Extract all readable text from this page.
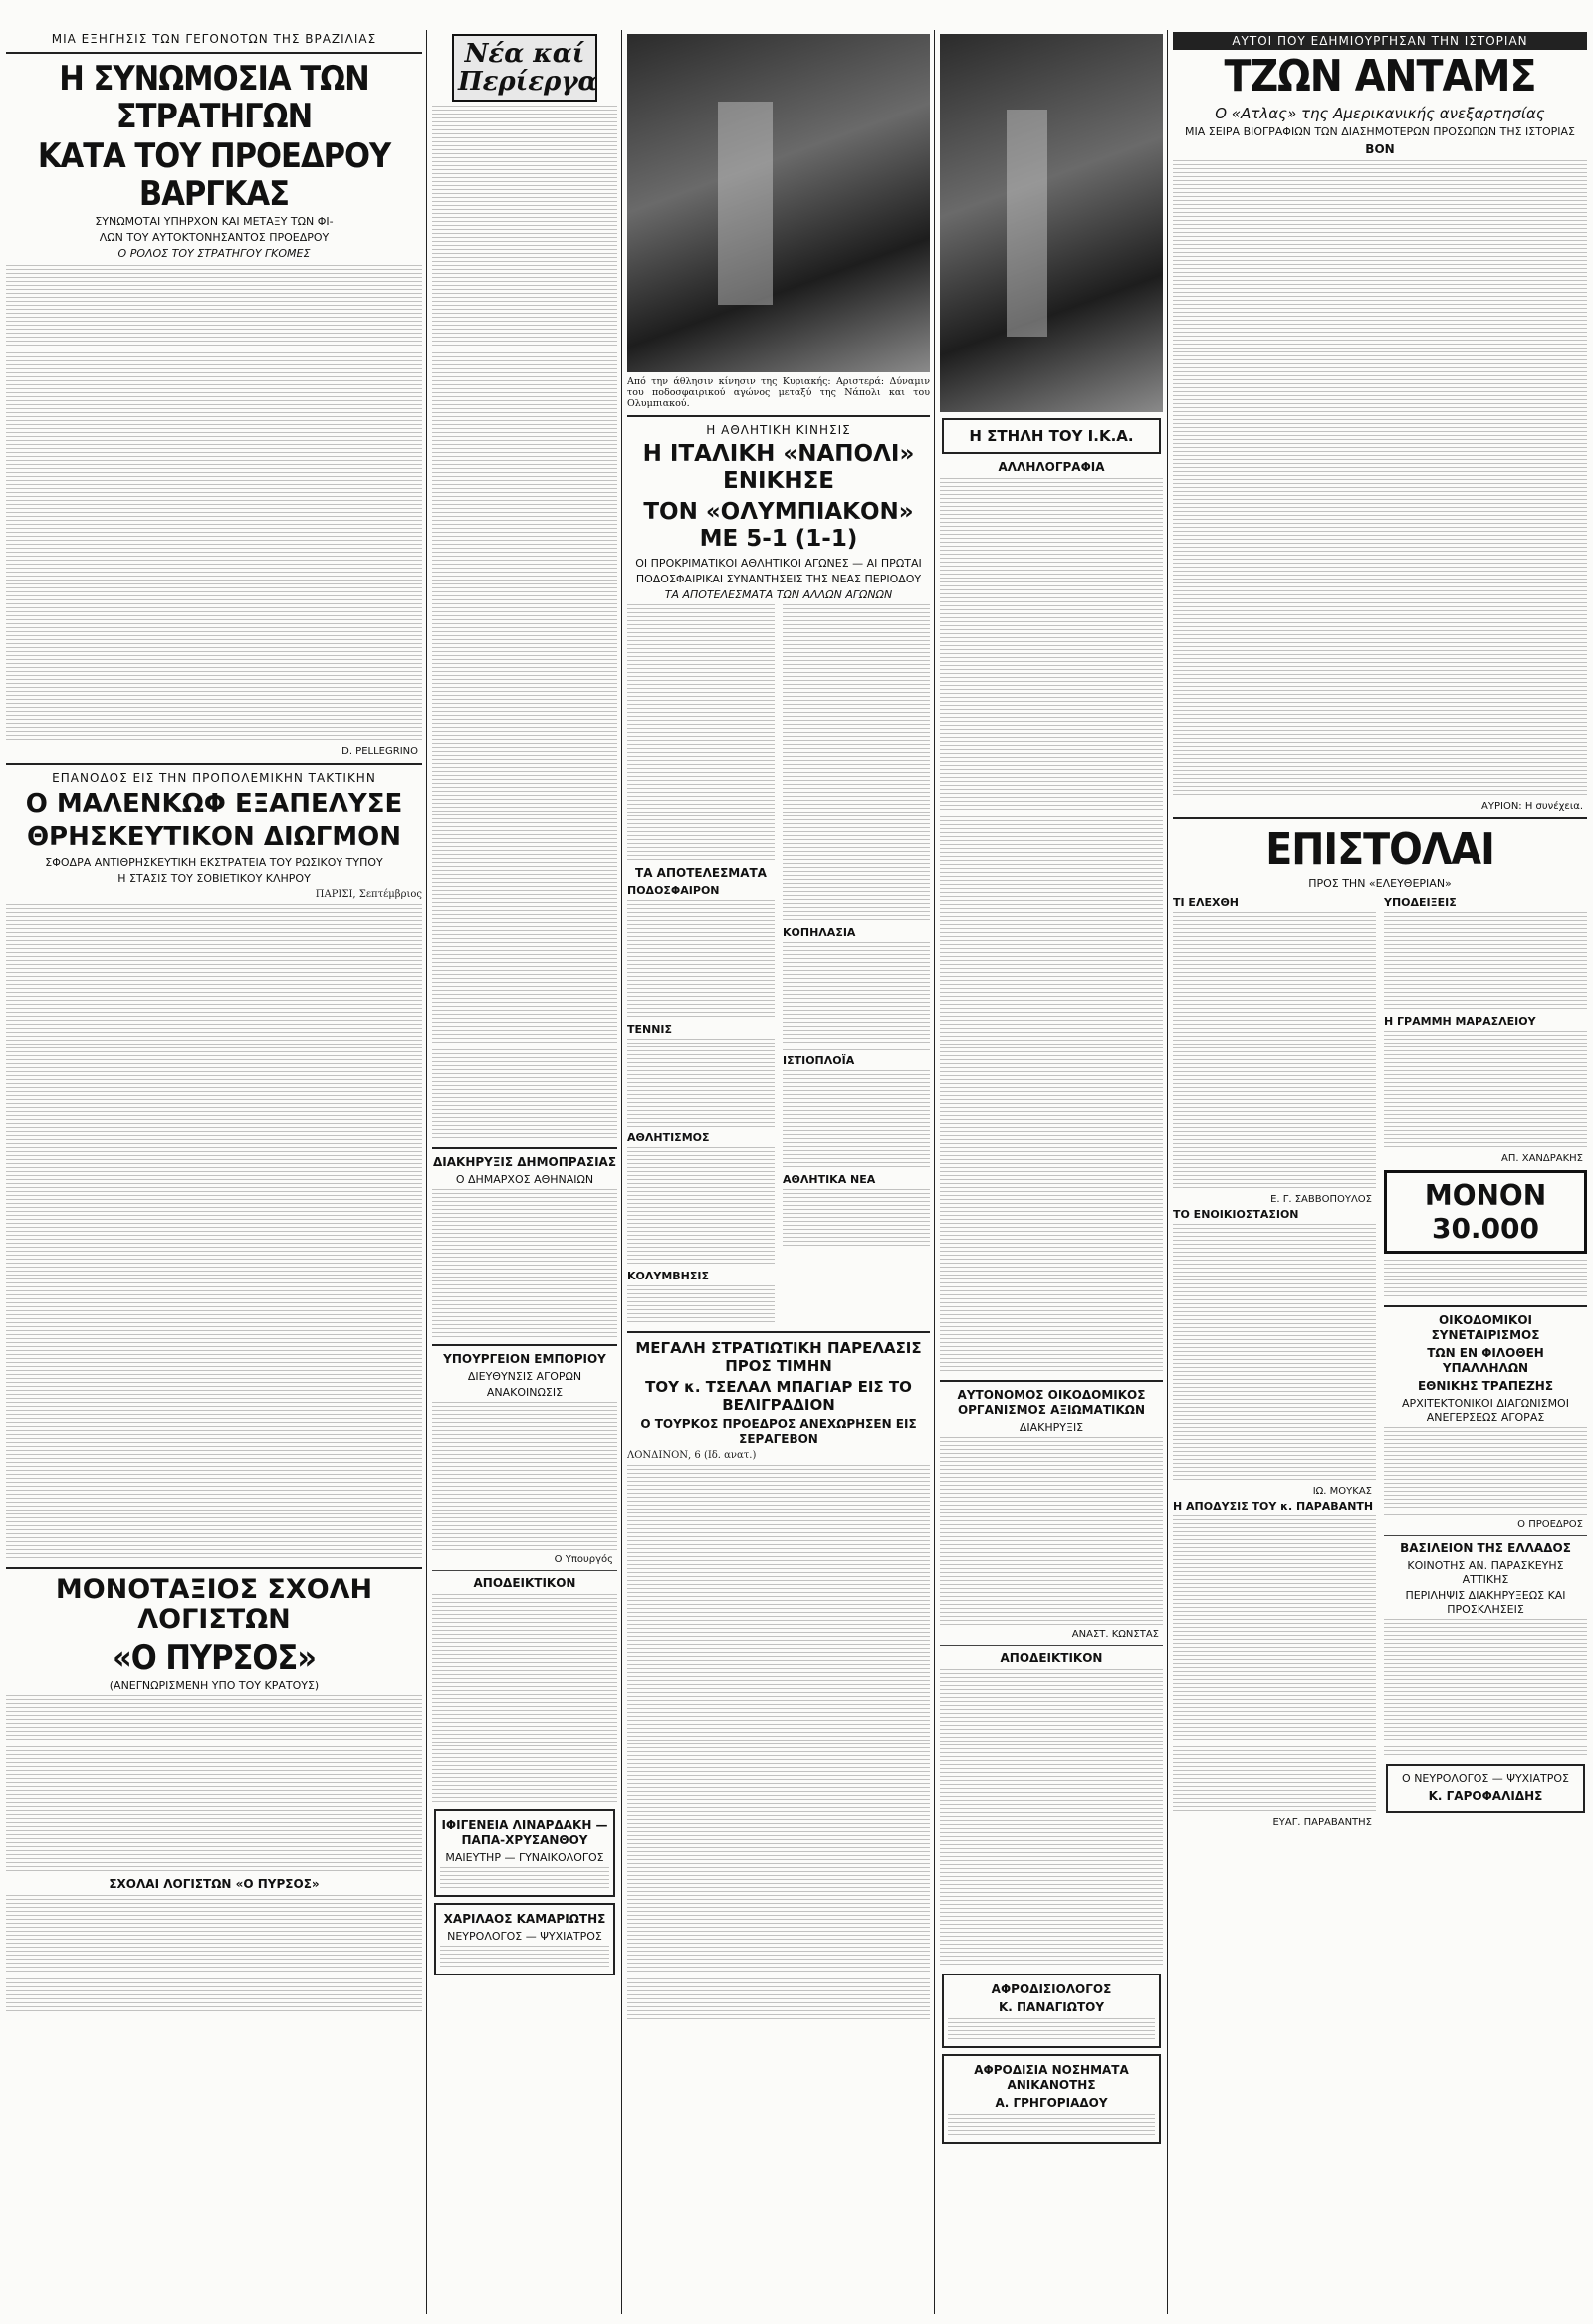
ΜΙΑ ΕΞΗΓΗΣΙΣ ΤΩΝ ΓΕΓΟΝΟΤΩΝ ΤΗΣ ΒΡΑΖΙΛΙΑΣ
Η ΣΥΝΩΜΟΣΙΑ ΤΩΝ ΣΤΡΑΤΗΓΩΝ
ΚΑΤΑ ΤΟΥ ΠΡΟΕΔΡΟΥ ΒΑΡΓΚΑΣ
ΣΥΝΩΜΟΤΑΙ ΥΠΗΡΧΟΝ ΚΑΙ ΜΕΤΑΞΥ ΤΩΝ ΦΙ-
ΛΩΝ ΤΟΥ ΑΥΤΟΚΤΟΝΗΣΑΝΤΟΣ ΠΡΟΕΔΡΟΥ
Ο ΡΟΛΟΣ ΤΟΥ ΣΤΡΑΤΗΓΟΥ ΓΚΟΜΕΣ
D. PELLEGRINO
ΕΠΑΝΟΔΟΣ ΕΙΣ ΤΗΝ ΠΡΟΠΟΛΕΜΙΚΗΝ ΤΑΚΤΙΚΗΝ
Ο ΜΑΛΕΝΚΩΦ ΕΞΑΠΕΛΥΣΕ
ΘΡΗΣΚΕΥΤΙΚΟΝ ΔΙΩΓΜΟΝ
ΣΦΟΔΡΑ ΑΝΤΙΘΡΗΣΚΕΥΤΙΚΗ ΕΚΣΤΡΑΤΕΙΑ ΤΟΥ ΡΩΣΙΚΟΥ ΤΥΠΟΥ
Η ΣΤΑΣΙΣ ΤΟΥ ΣΟΒΙΕΤΙΚΟΥ ΚΛΗΡΟΥ
ΠΑΡΙΣΙ, Σεπτέμβριος
ΜΟΝΟΤΑΞΙΟΣ ΣΧΟΛΗ ΛΟΓΙΣΤΩΝ
«Ο ΠΥΡΣΟΣ»
(ΑΝΕΓΝΩΡΙΣΜΕΝΗ ΥΠΟ ΤΟΥ ΚΡΑΤΟΥΣ)
ΣΧΟΛΑΙ ΛΟΓΙΣΤΩΝ «Ο ΠΥΡΣΟΣ»
Νέα καί
Περίεργα
ΔΙΑΚΗΡΥΞΙΣ ΔΗΜΟΠΡΑΣΙΑΣ
Ο ΔΗΜΑΡΧΟΣ ΑΘΗΝΑΙΩΝ
ΥΠΟΥΡΓΕΙΟΝ ΕΜΠΟΡΙΟΥ
ΔΙΕΥΘΥΝΣΙΣ ΑΓΟΡΩΝ
ΑΝΑΚΟΙΝΩΣΙΣ
Ο Υπουργός
ΑΠΟΔΕΙΚΤΙΚΟΝ
ΙΦΙΓΕΝΕΙΑ ΛΙΝΑΡΔΑΚΗ — ΠΑΠΑ-ΧΡΥΣΑΝΘΟΥ
ΜΑΙΕΥΤΗΡ — ΓΥΝΑΙΚΟΛΟΓΟΣ
ΧΑΡΙΛΑΟΣ ΚΑΜΑΡΙΩΤΗΣ
ΝΕΥΡΟΛΟΓΟΣ — ΨΥΧΙΑΤΡΟΣ
Από την άθλησιν κίνησιν της Κυριακής: Αριστερά: Δύναμιν του ποδοσφαιρικού αγώνος μεταξύ της Νάπολι και του Ολυμπιακού.
Η ΑΘΛΗΤΙΚΗ ΚΙΝΗΣΙΣ
Η ΙΤΑΛΙΚΗ «ΝΑΠΟΛΙ» ΕΝΙΚΗΣΕ
ΤΟΝ «ΟΛΥΜΠΙΑΚΟΝ» ΜΕ 5-1 (1-1)
ΟΙ ΠΡΟΚΡΙΜΑΤΙΚΟΙ ΑΘΛΗΤΙΚΟΙ ΑΓΩΝΕΣ — ΑΙ ΠΡΩΤΑΙ
ΠΟΔΟΣΦΑΙΡΙΚΑΙ ΣΥΝΑΝΤΗΣΕΙΣ ΤΗΣ ΝΕΑΣ ΠΕΡΙΟΔΟΥ
ΤΑ ΑΠΟΤΕΛΕΣΜΑΤΑ ΤΩΝ ΑΛΛΩΝ ΑΓΩΝΩΝ
ΤΑ ΑΠΟΤΕΛΕΣΜΑΤΑ
ΠΟΔΟΣΦΑΙΡΟΝ
ΤΕΝΝΙΣ
ΑΘΛΗΤΙΣΜΟΣ
ΚΟΛΥΜΒΗΣΙΣ
ΚΟΠΗΛΑΣΙΑ
ΙΣΤΙΟΠΛΟΪΑ
ΑΘΛΗΤΙΚΑ ΝΕΑ
ΜΕΓΑΛΗ ΣΤΡΑΤΙΩΤΙΚΗ ΠΑΡΕΛΑΣΙΣ ΠΡΟΣ ΤΙΜΗΝ
ΤΟΥ κ. ΤΣΕΛΑΛ ΜΠΑΓΙΑΡ ΕΙΣ ΤΟ ΒΕΛΙΓΡΑΔΙΟΝ
Ο ΤΟΥΡΚΟΣ ΠΡΟΕΔΡΟΣ ΑΝΕΧΩΡΗΣΕΝ ΕΙΣ ΣΕΡΑΓΕΒΟΝ
ΛΟΝΔΙΝΟΝ, 6 (Ιδ. ανατ.)
Η ΣΤΗΛΗ ΤΟΥ Ι.Κ.Α.
ΑΛΛΗΛΟΓΡΑΦΙΑ
ΑΥΤΟΝΟΜΟΣ ΟΙΚΟΔΟΜΙΚΟΣ ΟΡΓΑΝΙΣΜΟΣ ΑΞΙΩΜΑΤΙΚΩΝ
ΔΙΑΚΗΡΥΞΙΣ
ΑΝΑΣΤ. ΚΩΝΣΤΑΣ
ΑΠΟΔΕΙΚΤΙΚΟΝ
ΑΦΡΟΔΙΣΙΟΛΟΓΟΣ
Κ. ΠΑΝΑΓΙΩΤΟΥ
ΑΦΡΟΔΙΣΙΑ ΝΟΣΗΜΑΤΑ ΑΝΙΚΑΝΟΤΗΣ
Α. ΓΡΗΓΟΡΙΑΔΟΥ
ΑΥΤΟΙ ΠΟΥ ΕΔΗΜΙΟΥΡΓΗΣΑΝ ΤΗΝ ΙΣΤΟΡΙΑΝ
ΤΖΩΝ ΑΝΤΑΜΣ
Ο «Ατλας» της Αμερικανικής ανεξαρτησίας
ΜΙΑ ΣΕΙΡΑ ΒΙΟΓΡΑΦΙΩΝ ΤΩΝ ΔΙΑΣΗΜΟΤΕΡΩΝ ΠΡΟΣΩΠΩΝ ΤΗΣ ΙΣΤΟΡΙΑΣ
ΒΟΝ
ΑΥΡΙΟΝ: Η συνέχεια.
ΕΠΙΣΤΟΛΑΙ
ΠΡΟΣ ΤΗΝ «ΕΛΕΥΘΕΡΙΑΝ»
ΤΙ ΕΛΕΧΘΗ
Ε. Γ. ΣΑΒΒΟΠΟΥΛΟΣ
ΤΟ ΕΝΟΙΚΙΟΣΤΑΣΙΟΝ
ΙΩ. ΜΟΥΚΑΣ
Η ΑΠΟΔΥΣΙΣ ΤΟΥ κ. ΠΑΡΑΒΑΝΤΗ
ΕΥΑΓ. ΠΑΡΑΒΑΝΤΗΣ
ΥΠΟΔΕΙΞΕΙΣ
Η ΓΡΑΜΜΗ ΜΑΡΑΣΛΕΙΟΥ
ΑΠ. ΧΑΝΔΡΑΚΗΣ
ΜΟΝΟΝ 30.000
ΟΙΚΟΔΟΜΙΚΟΙ ΣΥΝΕΤΑΙΡΙΣΜΟΣ
ΤΩΝ ΕΝ ΦΙΛΟΘΕΗ ΥΠΑΛΛΗΛΩΝ
ΕΘΝΙΚΗΣ ΤΡΑΠΕΖΗΣ
ΑΡΧΙΤΕΚΤΟΝΙΚΟΙ ΔΙΑΓΩΝΙΣΜΟΙ ΑΝΕΓΕΡΣΕΩΣ ΑΓΟΡΑΣ
Ο ΠΡΟΕΔΡΟΣ
ΒΑΣΙΛΕΙΟΝ ΤΗΣ ΕΛΛΑΔΟΣ
ΚΟΙΝΟΤΗΣ ΑΝ. ΠΑΡΑΣΚΕΥΗΣ ΑΤΤΙΚΗΣ
ΠΕΡΙΛΗΨΙΣ ΔΙΑΚΗΡΥΞΕΩΣ ΚΑΙ ΠΡΟΣΚΛΗΣΕΙΣ
Ο ΝΕΥΡΟΛΟΓΟΣ — ΨΥΧΙΑΤΡΟΣ
Κ. ΓΑΡΟΦΑΛΙΔΗΣ
